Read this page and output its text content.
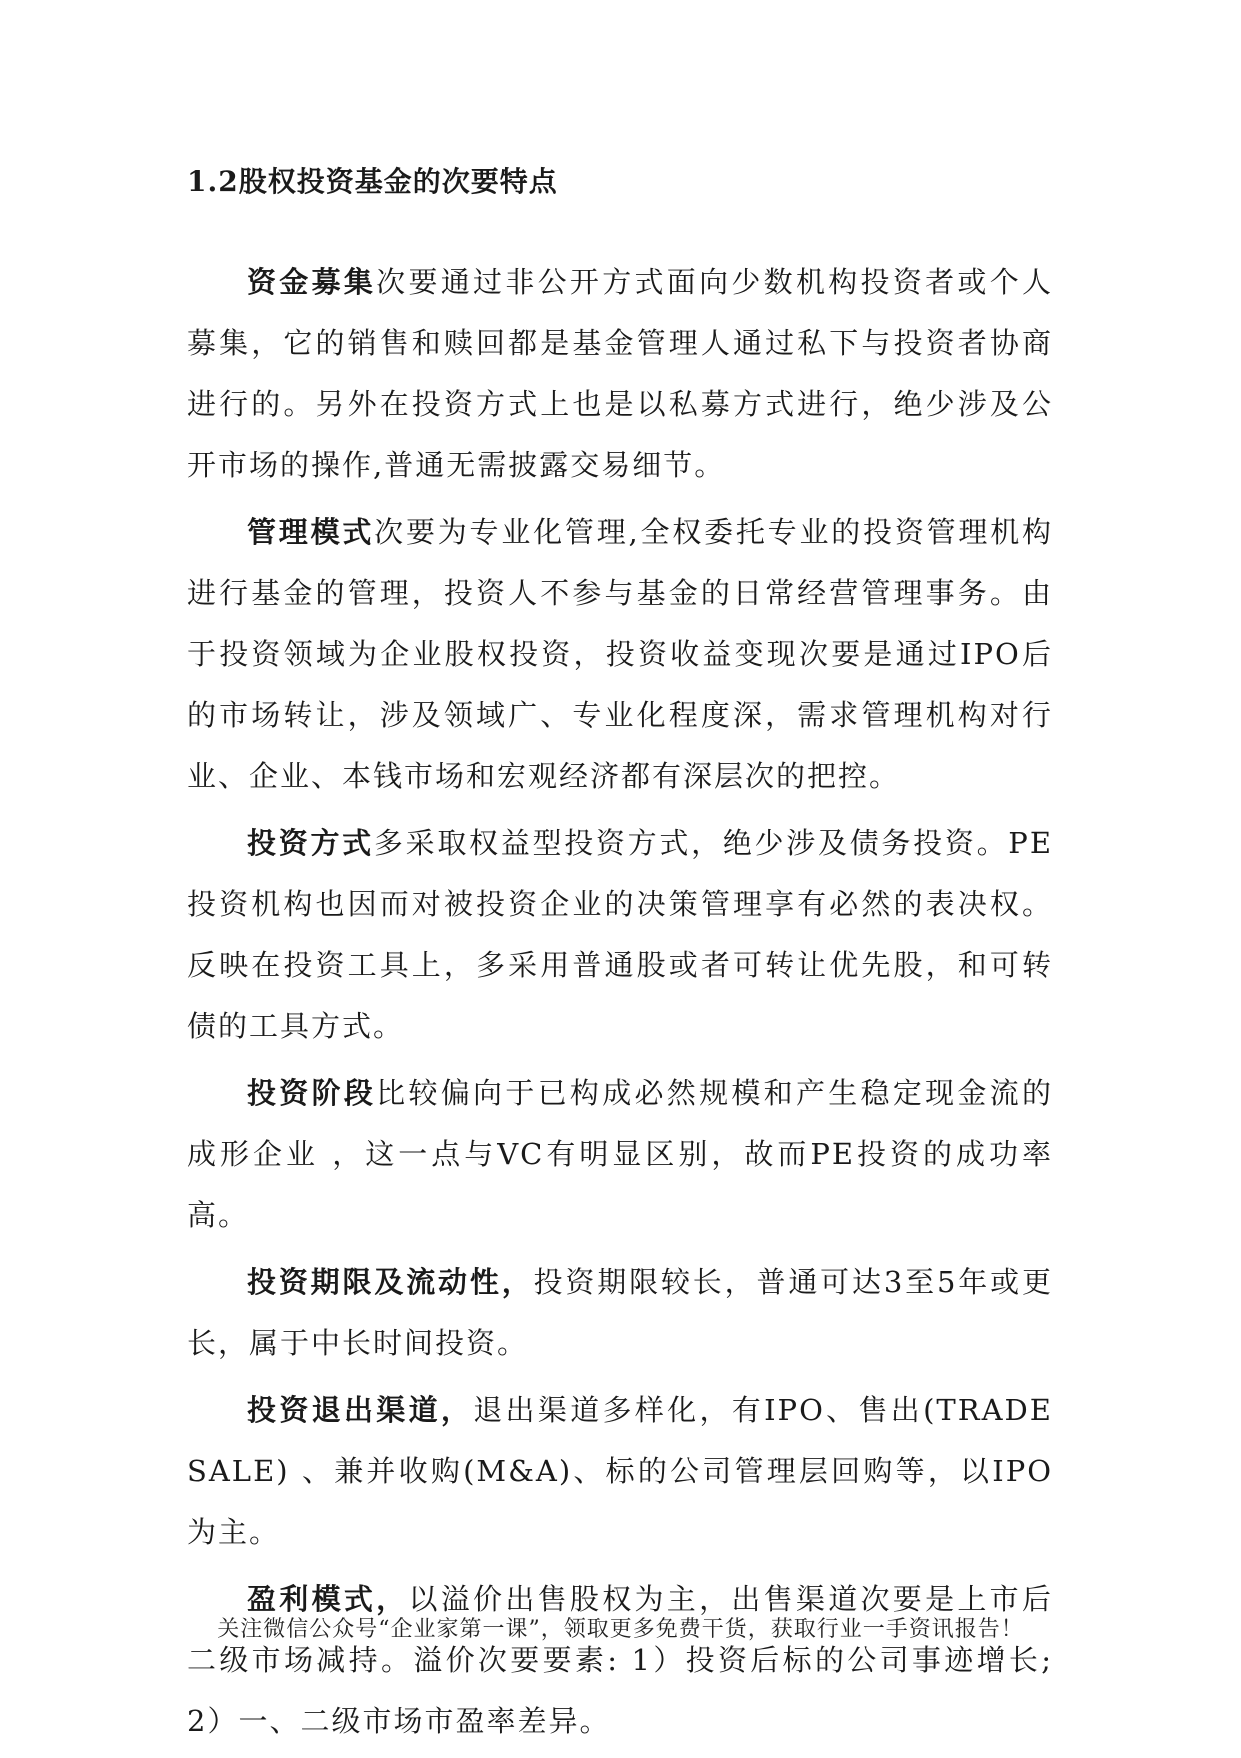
1.2股权投资基金的次要特点

资金募集次要通过非公开方式面向少数机构投资者或个人募集，它的销售和赎回都是基金管理人通过私下与投资者协商进行的。另外在投资方式上也是以私募方式进行，绝少涉及公开市场的操作,普通无需披露交易细节。

管理模式次要为专业化管理,全权委托专业的投资管理机构进行基金的管理，投资人不参与基金的日常经营管理事务。由于投资领域为企业股权投资，投资收益变现次要是通过IPO后的市场转让，涉及领域广、专业化程度深，需求管理机构对行业、企业、本钱市场和宏观经济都有深层次的把控。

投资方式多采取权益型投资方式，绝少涉及债务投资。PE投资机构也因而对被投资企业的决策管理享有必然的表决权。反映在投资工具上，多采用普通股或者可转让优先股，和可转债的工具方式。

投资阶段比较偏向于已构成必然规模和产生稳定现金流的成形企业 ，这一点与VC有明显区别，故而PE投资的成功率高。

投资期限及流动性，投资期限较长，普通可达3至5年或更长，属于中长时间投资。

投资退出渠道，退出渠道多样化，有IPO、售出(TRADE SALE) 、兼并收购(M&A)、标的公司管理层回购等，以IPO为主。

盈利模式，以溢价出售股权为主，出售渠道次要是上市后二级市场减持。溢价次要要素: 1）投资后标的公司事迹增长; 2）一、二级市场市盈率差异。

关注微信公众号“企业家第一课”，领取更多免费干货，获取行业一手资讯报告！
